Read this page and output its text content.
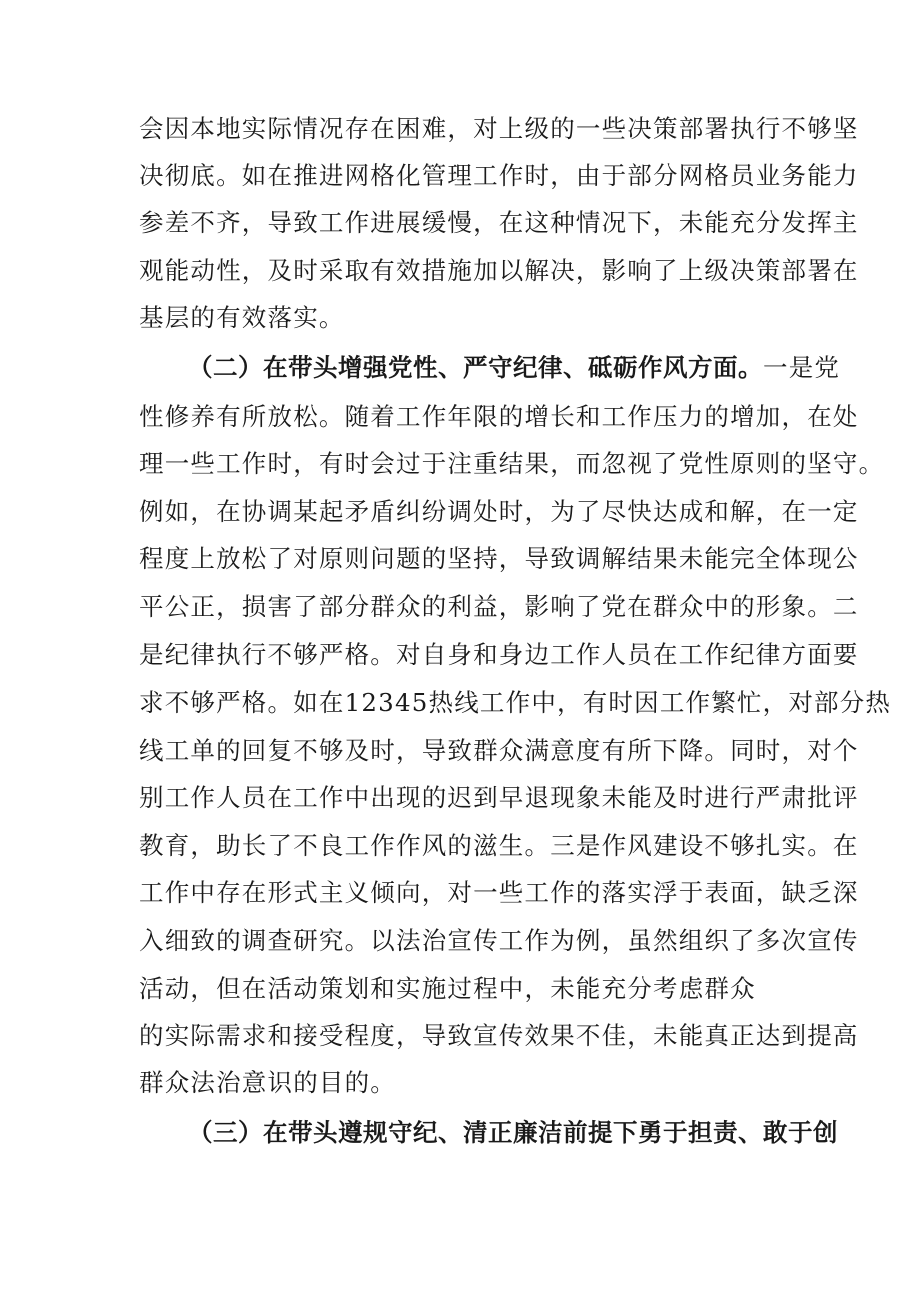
会因本地实际情况存在困难，对上级的一些决策部署执行不够坚
决彻底。如在推进网格化管理工作时，由于部分网格员业务能力
参差不齐，导致工作进展缓慢，在这种情况下，未能充分发挥主
观能动性，及时采取有效措施加以解决，影响了上级决策部署在
基层的有效落实。
（二）在带头增强党性、严守纪律、砥砺作风方面。一是党
性修养有所放松。随着工作年限的增长和工作压力的增加，在处
理一些工作时，有时会过于注重结果，而忽视了党性原则的坚守。
例如，在协调某起矛盾纠纷调处时，为了尽快达成和解，在一定
程度上放松了对原则问题的坚持，导致调解结果未能完全体现公
平公正，损害了部分群众的利益，影响了党在群众中的形象。二
是纪律执行不够严格。对自身和身边工作人员在工作纪律方面要
求不够严格。如在12345热线工作中，有时因工作繁忙，对部分热
线工单的回复不够及时，导致群众满意度有所下降。同时，对个
别工作人员在工作中出现的迟到早退现象未能及时进行严肃批评
教育，助长了不良工作作风的滋生。三是作风建设不够扎实。在
工作中存在形式主义倾向，对一些工作的落实浮于表面，缺乏深
入细致的调查研究。以法治宣传工作为例，虽然组织了多次宣传
活动，但在活动策划和实施过程中，未能充分考虑群众
的实际需求和接受程度，导致宣传效果不佳，未能真正达到提高
群众法治意识的目的。
（三）在带头遵规守纪、清正廉洁前提下勇于担责、敢于创
